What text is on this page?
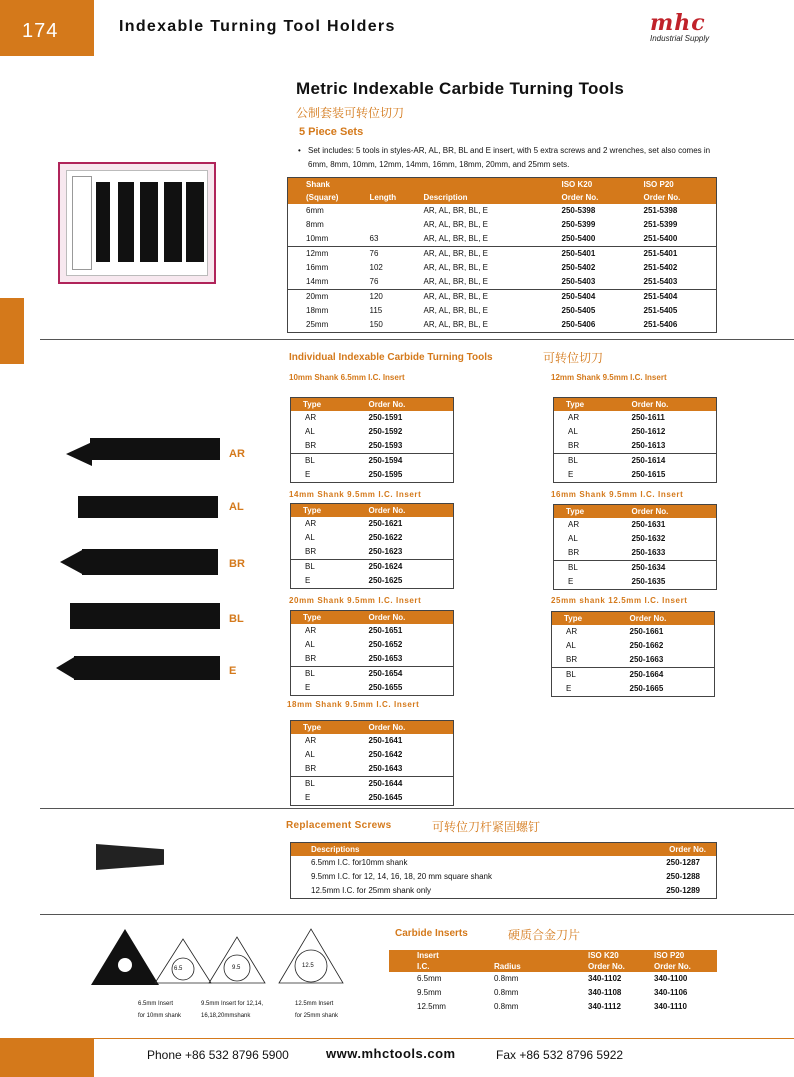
174	Indexable Turning Tool Holders	mhc
Industrial Supply
Metric Indexable Carbide Turning Tools
公制套装可转位切刀
5 Piece Sets
• Set includes: 5 tools in styles-AR, AL, BR, BL and E insert, with 5 extra screws and 2 wrenches, set also comes in 6mm, 8mm, 10mm, 12mm, 14mm, 16mm, 18mm, 20mm, and 25mm sets.
Shank			ISO K20	ISO P20
(Square)	Length	Description	Order No.	Order No.
6mm		AR, AL, BR, BL, E	250-5398	251-5398
8mm		AR, AL, BR, BL, E	250-5399	251-5399
10mm	63	AR, AL, BR, BL, E	250-5400	251-5400
12mm	76	AR, AL, BR, BL, E	250-5401	251-5401
16mm	102	AR, AL, BR, BL, E	250-5402	251-5402
14mm	76	AR, AL, BR, BL, E	250-5403	251-5403
20mm	120	AR, AL, BR, BL, E	250-5404	251-5404
18mm	115	AR, AL, BR, BL, E	250-5405	251-5405
25mm	150	AR, AL, BR, BL, E	250-5406	251-5406
Individual Indexable Carbide Turning Tools	可转位切刀
10mm Shank 6.5mm I.C. Insert
Type	Order No.
AR	250-1591
AL	250-1592
BR	250-1593
BL	250-1594
E	250-1595
12mm Shank 9.5mm I.C. Insert
Type	Order No.
AR	250-1611
AL	250-1612
BR	250-1613
BL	250-1614
E	250-1615
14mm Shank 9.5mm I.C. Insert
Type	Order No.
AR	250-1621
AL	250-1622
BR	250-1623
BL	250-1624
E	250-1625
16mm Shank 9.5mm I.C. Insert
Type	Order No.
AR	250-1631
AL	250-1632
BR	250-1633
BL	250-1634
E	250-1635
20mm Shank 9.5mm I.C. Insert
Type	Order No.
AR	250-1651
AL	250-1652
BR	250-1653
BL	250-1654
E	250-1655
25mm shank 12.5mm I.C. Insert
Type	Order No.
AR	250-1661
AL	250-1662
BR	250-1663
BL	250-1664
E	250-1665
18mm Shank 9.5mm I.C. Insert
Type	Order No.
AR	250-1641
AL	250-1642
BR	250-1643
BL	250-1644
E	250-1645
AR
AL
BR
BL
E
Replacement Screws	可转位刀杆紧固螺钉
Descriptions	Order No.
6.5mm I.C. for10mm shank	250-1287
9.5mm I.C. for 12, 14, 16, 18, 20 mm square shank	250-1288
12.5mm I.C. for 25mm shank only	250-1289
Carbide Inserts	硬质合金刀片
Insert		ISO K20	ISO P20
I.C.	Radius	Order No.	Order No.
6.5mm	0.8mm	340-1102	340-1100
9.5mm	0.8mm	340-1108	340-1106
12.5mm	0.8mm	340-1112	340-1110
6.5	9.5	12.5
6.5mm Insert
for 10mm shank
9.5mm Insert for 12,14,
16,18,20mmshank
12.5mm Insert
for 25mm shank
Phone +86 532 8796 5900	www.mhctools.com	Fax +86 532 8796 5922
